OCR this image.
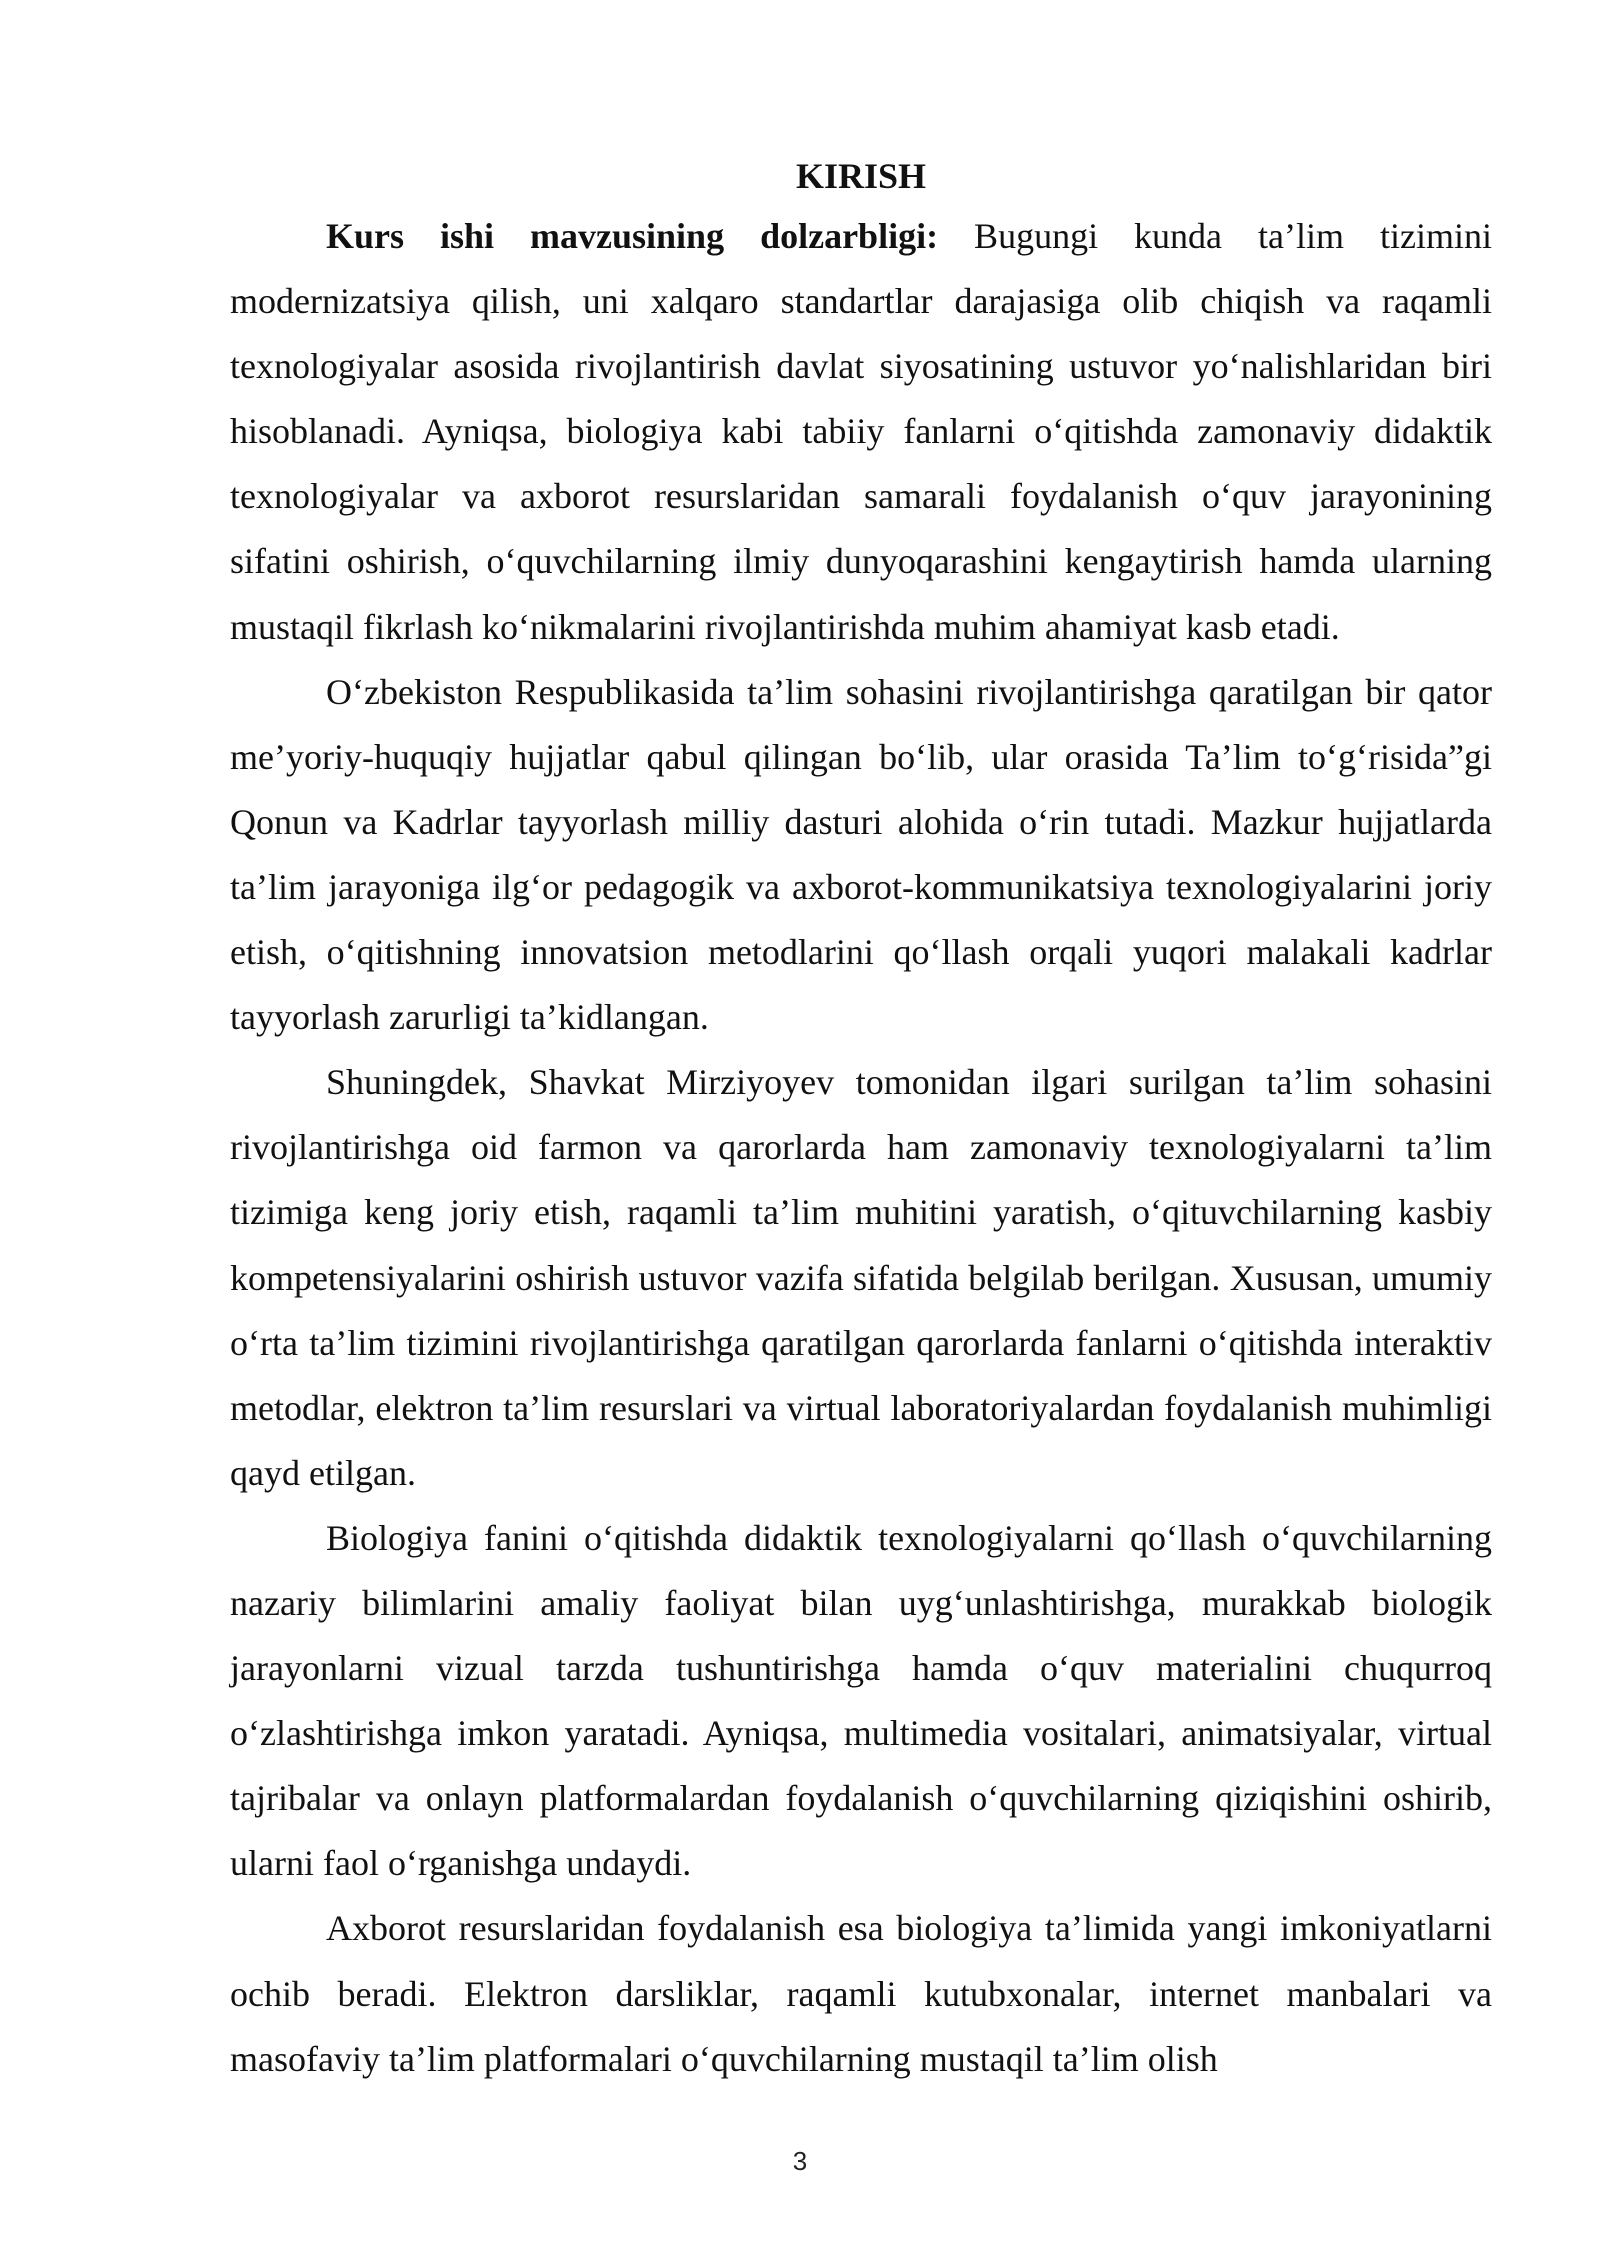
KIRISH

Kurs ishi mavzusining dolzarbligi: Bugungi kunda ta’lim tizimini modernizatsiya qilish, uni xalqaro standartlar darajasiga olib chiqish va raqamli texnologiyalar asosida rivojlantirish davlat siyosatining ustuvor yo‘nalishlaridan biri hisoblanadi. Ayniqsa, biologiya kabi tabiiy fanlarni o‘qitishda zamonaviy didaktik texnologiyalar va axborot resurslaridan samarali foydalanish o‘quv jarayonining sifatini oshirish, o‘quvchilarning ilmiy dunyoqarashini kengaytirish hamda ularning mustaqil fikrlash ko‘nikmalarini rivojlantirishda muhim ahamiyat kasb etadi.

O‘zbekiston Respublikasida ta’lim sohasini rivojlantirishga qaratilgan bir qator me’yoriy-huquqiy hujjatlar qabul qilingan bo‘lib, ular orasida Ta’lim to‘g‘risida”gi Qonun va Kadrlar tayyorlash milliy dasturi alohida o‘rin tutadi. Mazkur hujjatlarda ta’lim jarayoniga ilg‘or pedagogik va axborot-kommunikatsiya texnologiyalarini joriy etish, o‘qitishning innovatsion metodlarini qo‘llash orqali yuqori malakali kadrlar tayyorlash zarurligi ta’kidlangan.

Shuningdek, Shavkat Mirziyoyev tomonidan ilgari surilgan ta’lim sohasini rivojlantirishga oid farmon va qarorlarda ham zamonaviy texnologiyalarni ta’lim tizimiga keng joriy etish, raqamli ta’lim muhitini yaratish, o‘qituvchilarning kasbiy kompetensiyalarini oshirish ustuvor vazifa sifatida belgilab berilgan. Xususan, umumiy o‘rta ta’lim tizimini rivojlantirishga qaratilgan qarorlarda fanlarni o‘qitishda interaktiv metodlar, elektron ta’lim resurslari va virtual laboratoriyalardan foydalanish muhimligi qayd etilgan.

Biologiya fanini o‘qitishda didaktik texnologiyalarni qo‘llash o‘quvchilarning nazariy bilimlarini amaliy faoliyat bilan uyg‘unlashtirishga, murakkab biologik jarayonlarni vizual tarzda tushuntirishga hamda o‘quv materialini chuqurroq o‘zlashtirishga imkon yaratadi. Ayniqsa, multimedia vositalari, animatsiyalar, virtual tajribalar va onlayn platformalardan foydalanish o‘quvchilarning qiziqishini oshirib, ularni faol o‘rganishga undaydi.

Axborot resurslaridan foydalanish esa biologiya ta’limida yangi imkoniyatlarni ochib beradi. Elektron darsliklar, raqamli kutubxonalar, internet manbalari va masofaviy ta’lim platformalari o‘quvchilarning mustaqil ta’lim olish

3
